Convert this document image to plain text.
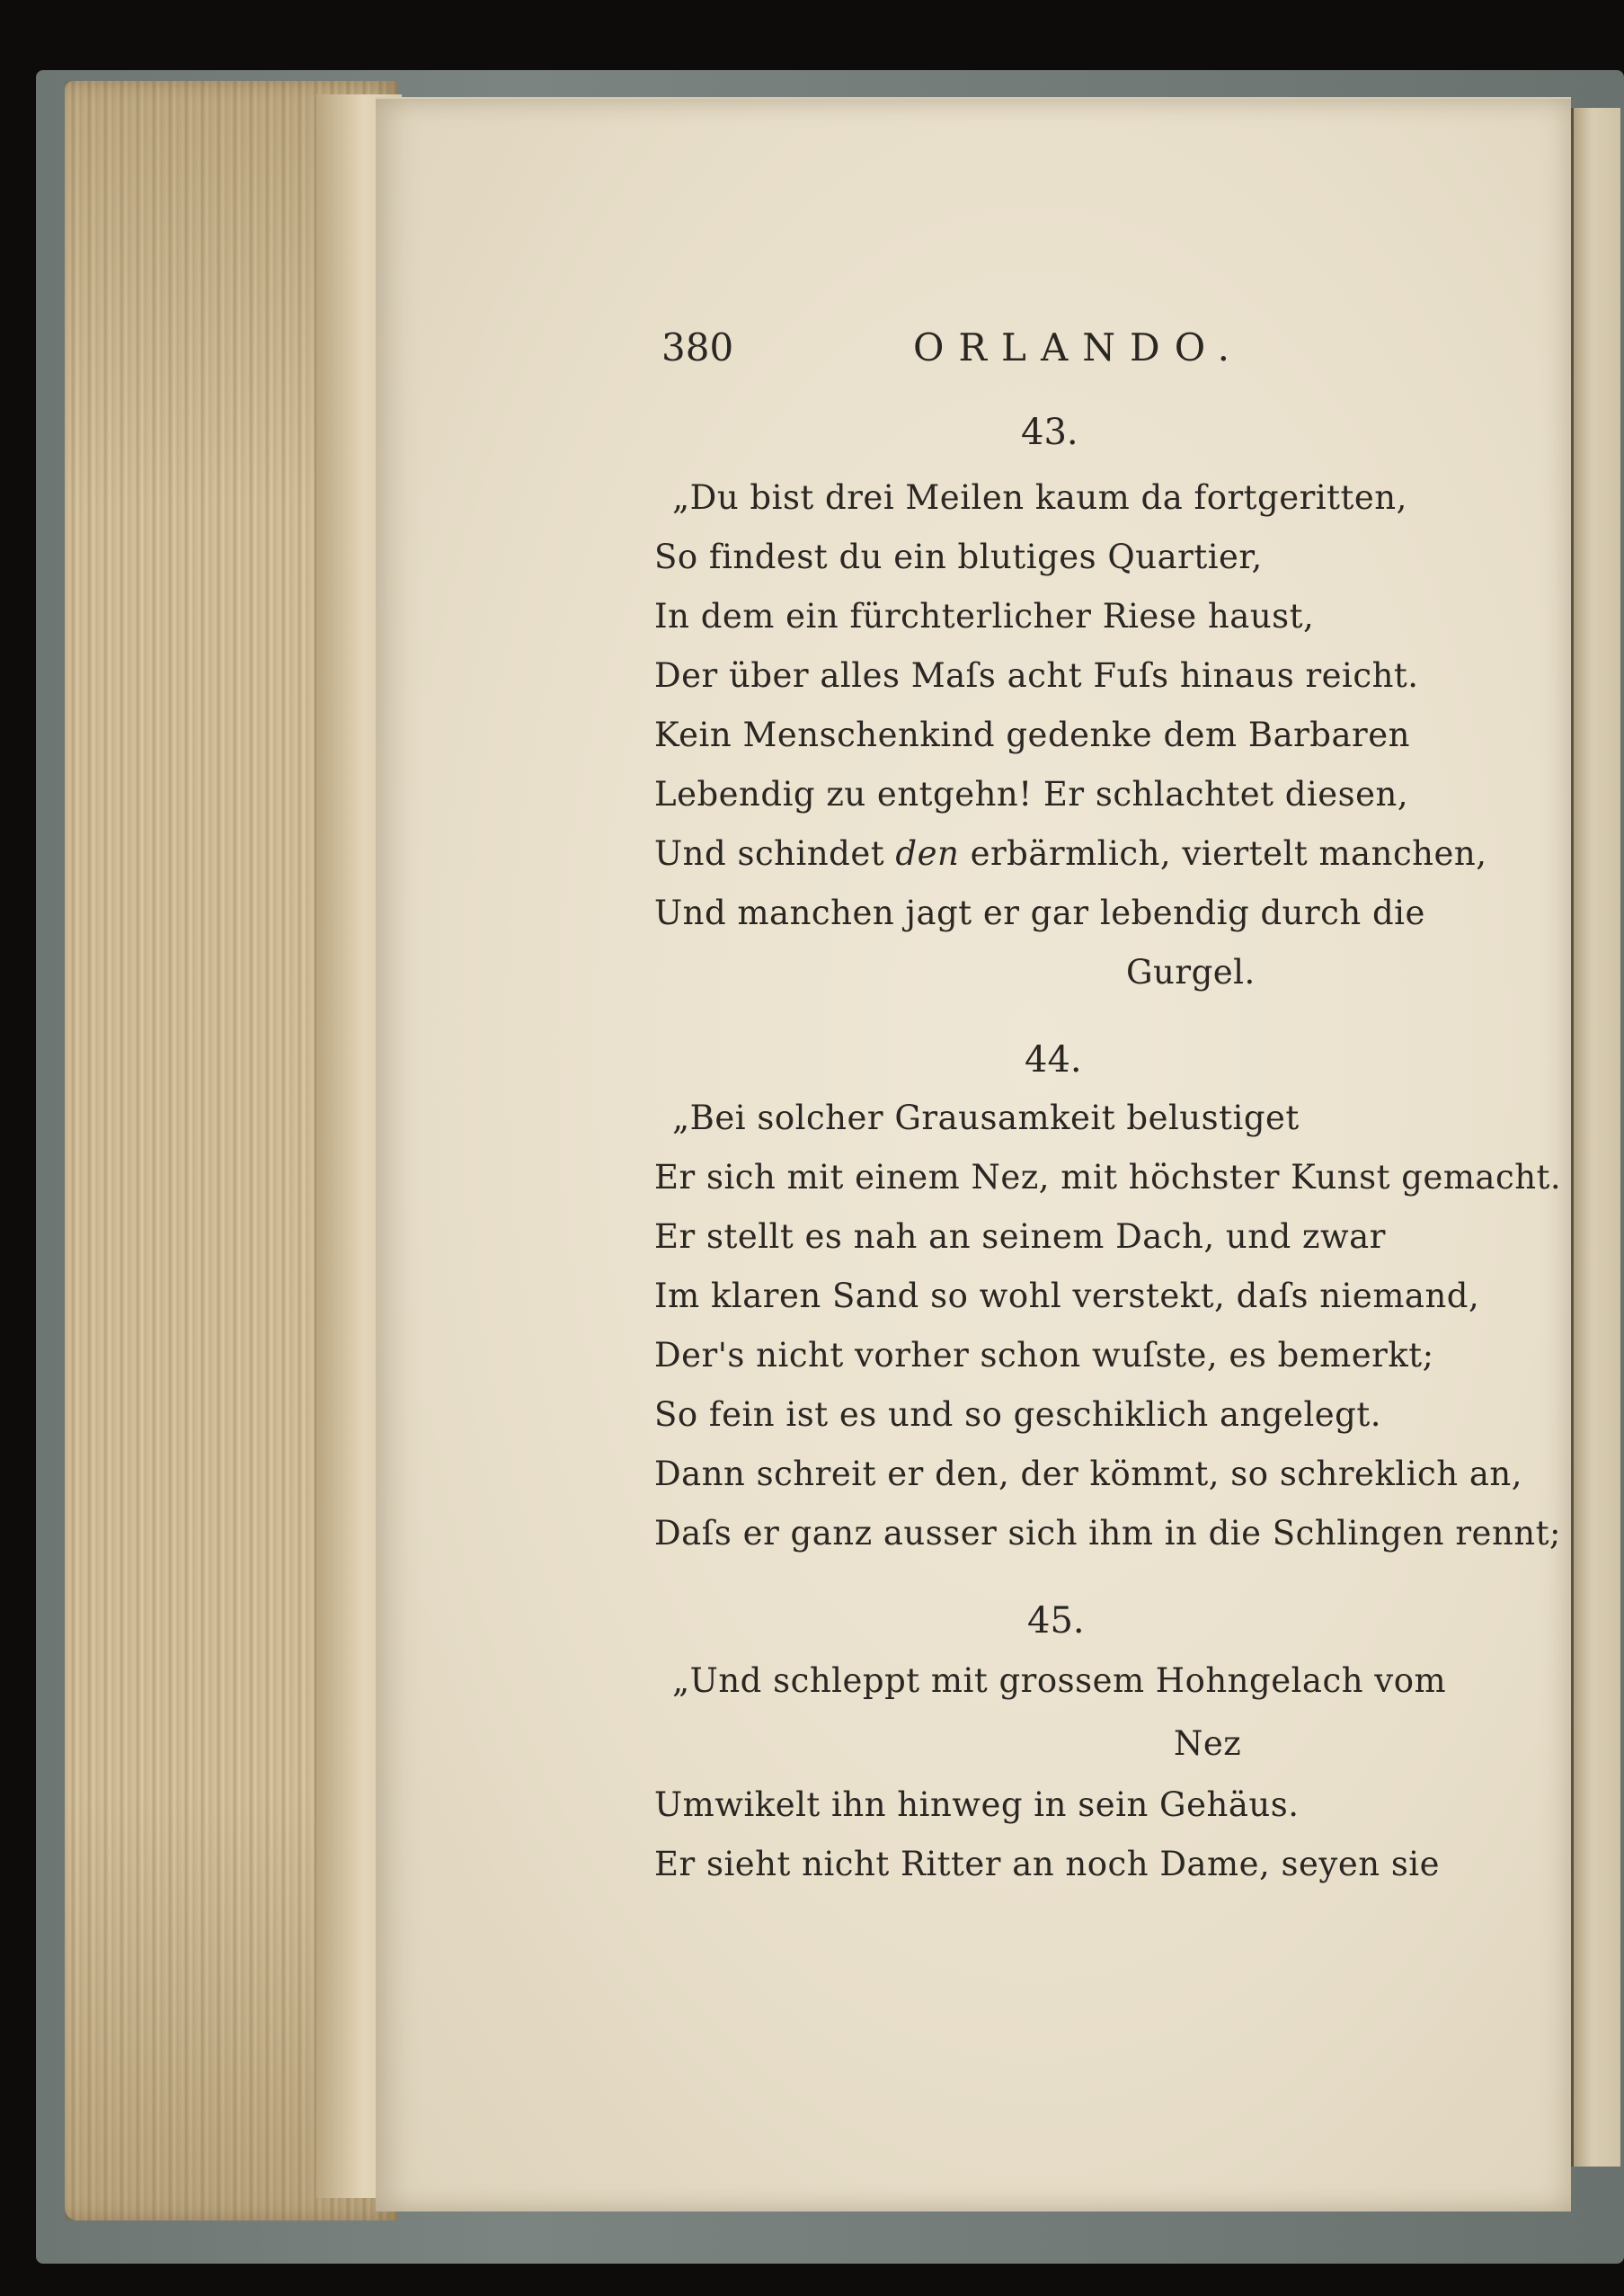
380	ORLANDO.
43.
„Du bist drei Meilen kaum da fortgeritten,
So findest du ein blutiges Quartier,
In dem ein fürchterlicher Riese haust,
Der über alles Maſs acht Fuſs hinaus reicht.
Kein Menschenkind gedenke dem Barbaren
Lebendig zu entgehn! Er schlachtet diesen,
Und schindet den erbärmlich, viertelt manchen,
Und manchen jagt er gar lebendig durch die
Gurgel.
44.
„Bei solcher Grausamkeit belustiget
Er sich mit einem Nez, mit höchster Kunst gemacht.
Er stellt es nah an seinem Dach, und zwar
Im klaren Sand so wohl verstekt, daſs niemand,
Der's nicht vorher schon wuſste, es bemerkt;
So fein ist es und so geschiklich angelegt.
Dann schreit er den, der kömmt, so schreklich an,
Daſs er ganz ausser sich ihm in die Schlingen rennt;
45.
„Und schleppt mit grossem Hohngelach vom
Nez
Umwikelt ihn hinweg in sein Gehäus.
Er sieht nicht Ritter an noch Dame, seyen sie
